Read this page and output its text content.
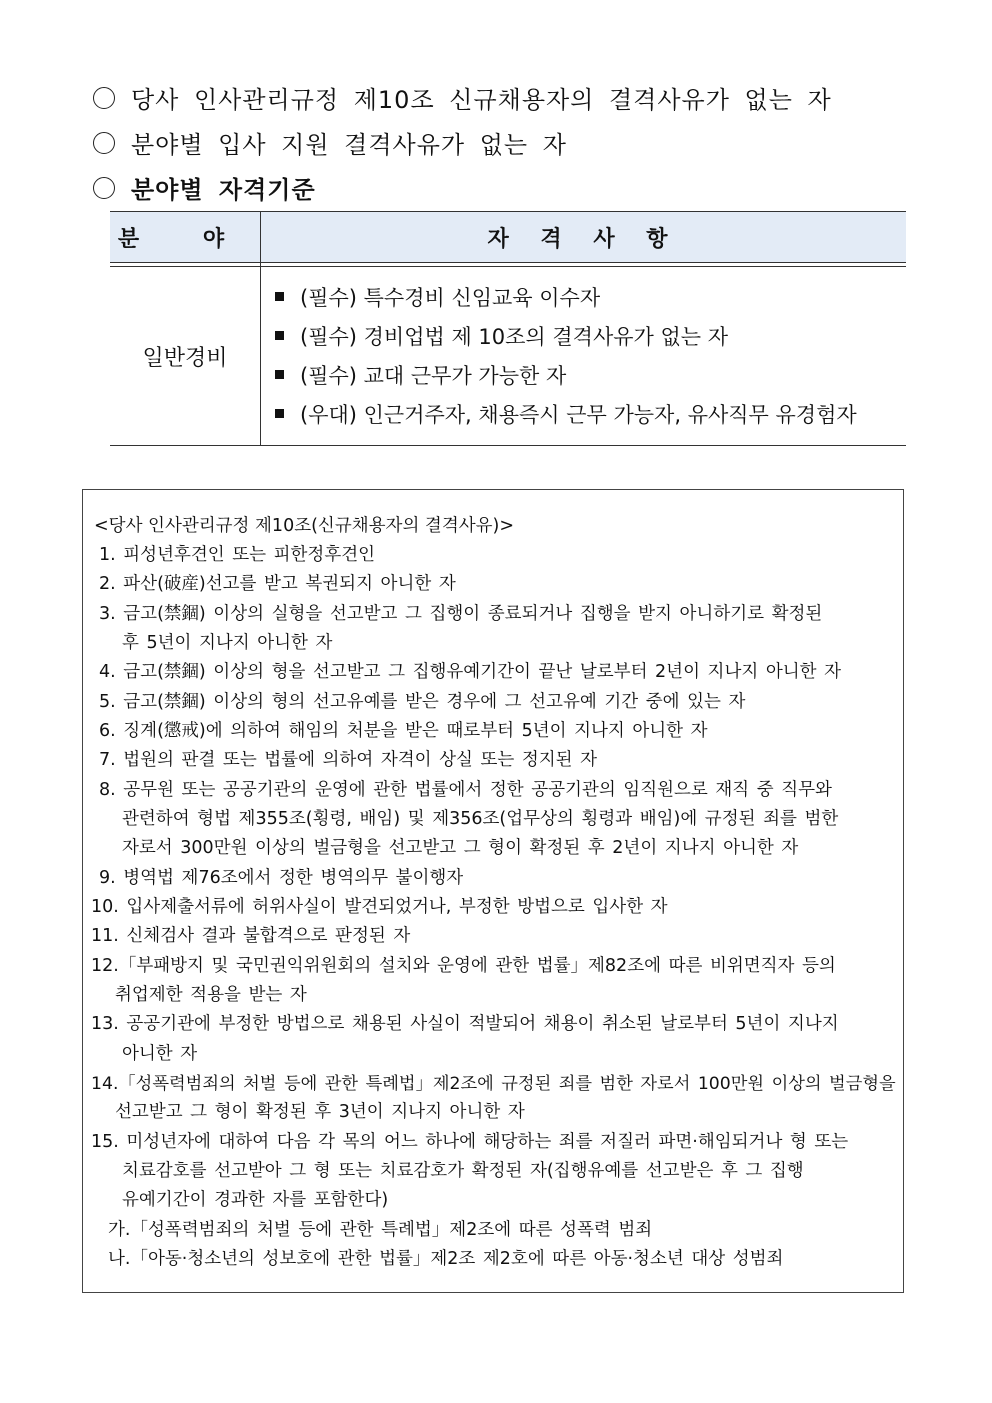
당사 인사관리규정 제10조 신규채용자의 결격사유가 없는 자
분야별 입사 지원 결격사유가 없는 자
분야별 자격기준
분 야	자 격 사 항

일반경비	(필수) 특수경비 신임교육 이수자
(필수) 경비업법 제 10조의 결격사유가 없는 자
(필수) 교대 근무가 가능한 자
(우대) 인근거주자, 채용즉시 근무 가능자, 유사직무 유경험자
<당사 인사관리규정 제10조(신규채용자의 결격사유)>
1. 피성년후견인 또는 피한정후견인
2. 파산(破産)선고를 받고 복권되지 아니한 자
3. 금고(禁錮) 이상의 실형을 선고받고 그 집행이 종료되거나 집행을 받지 아니하기로 확정된
후 5년이 지나지 아니한 자
4. 금고(禁錮) 이상의 형을 선고받고 그 집행유예기간이 끝난 날로부터 2년이 지나지 아니한 자
5. 금고(禁錮) 이상의 형의 선고유예를 받은 경우에 그 선고유예 기간 중에 있는 자
6. 징계(懲戒)에 의하여 해임의 처분을 받은 때로부터 5년이 지나지 아니한 자
7. 법원의 판결 또는 법률에 의하여 자격이 상실 또는 정지된 자
8. 공무원 또는 공공기관의 운영에 관한 법률에서 정한 공공기관의 임직원으로 재직 중 직무와
관련하여 형법 제355조(횡령, 배임) 및 제356조(업무상의 횡령과 배임)에 규정된 죄를 범한
자로서 300만원 이상의 벌금형을 선고받고 그 형이 확정된 후 2년이 지나지 아니한 자
9. 병역법 제76조에서 정한 병역의무 불이행자
10. 입사제출서류에 허위사실이 발견되었거나, 부정한 방법으로 입사한 자
11. 신체검사 결과 불합격으로 판정된 자
12.「부패방지 및 국민권익위원회의 설치와 운영에 관한 법률」제82조에 따른 비위면직자 등의
취업제한 적용을 받는 자
13. 공공기관에 부정한 방법으로 채용된 사실이 적발되어 채용이 취소된 날로부터 5년이 지나지
아니한 자
14.「성폭력범죄의 처벌 등에 관한 특례법」제2조에 규정된 죄를 범한 자로서 100만원 이상의 벌금형을
선고받고 그 형이 확정된 후 3년이 지나지 아니한 자
15. 미성년자에 대하여 다음 각 목의 어느 하나에 해당하는 죄를 저질러 파면·해임되거나 형 또는
치료감호를 선고받아 그 형 또는 치료감호가 확정된 자(집행유예를 선고받은 후 그 집행
유예기간이 경과한 자를 포함한다)
가.「성폭력범죄의 처벌 등에 관한 특례법」제2조에 따른 성폭력 범죄
나.「아동·청소년의 성보호에 관한 법률」제2조 제2호에 따른 아동·청소년 대상 성범죄
